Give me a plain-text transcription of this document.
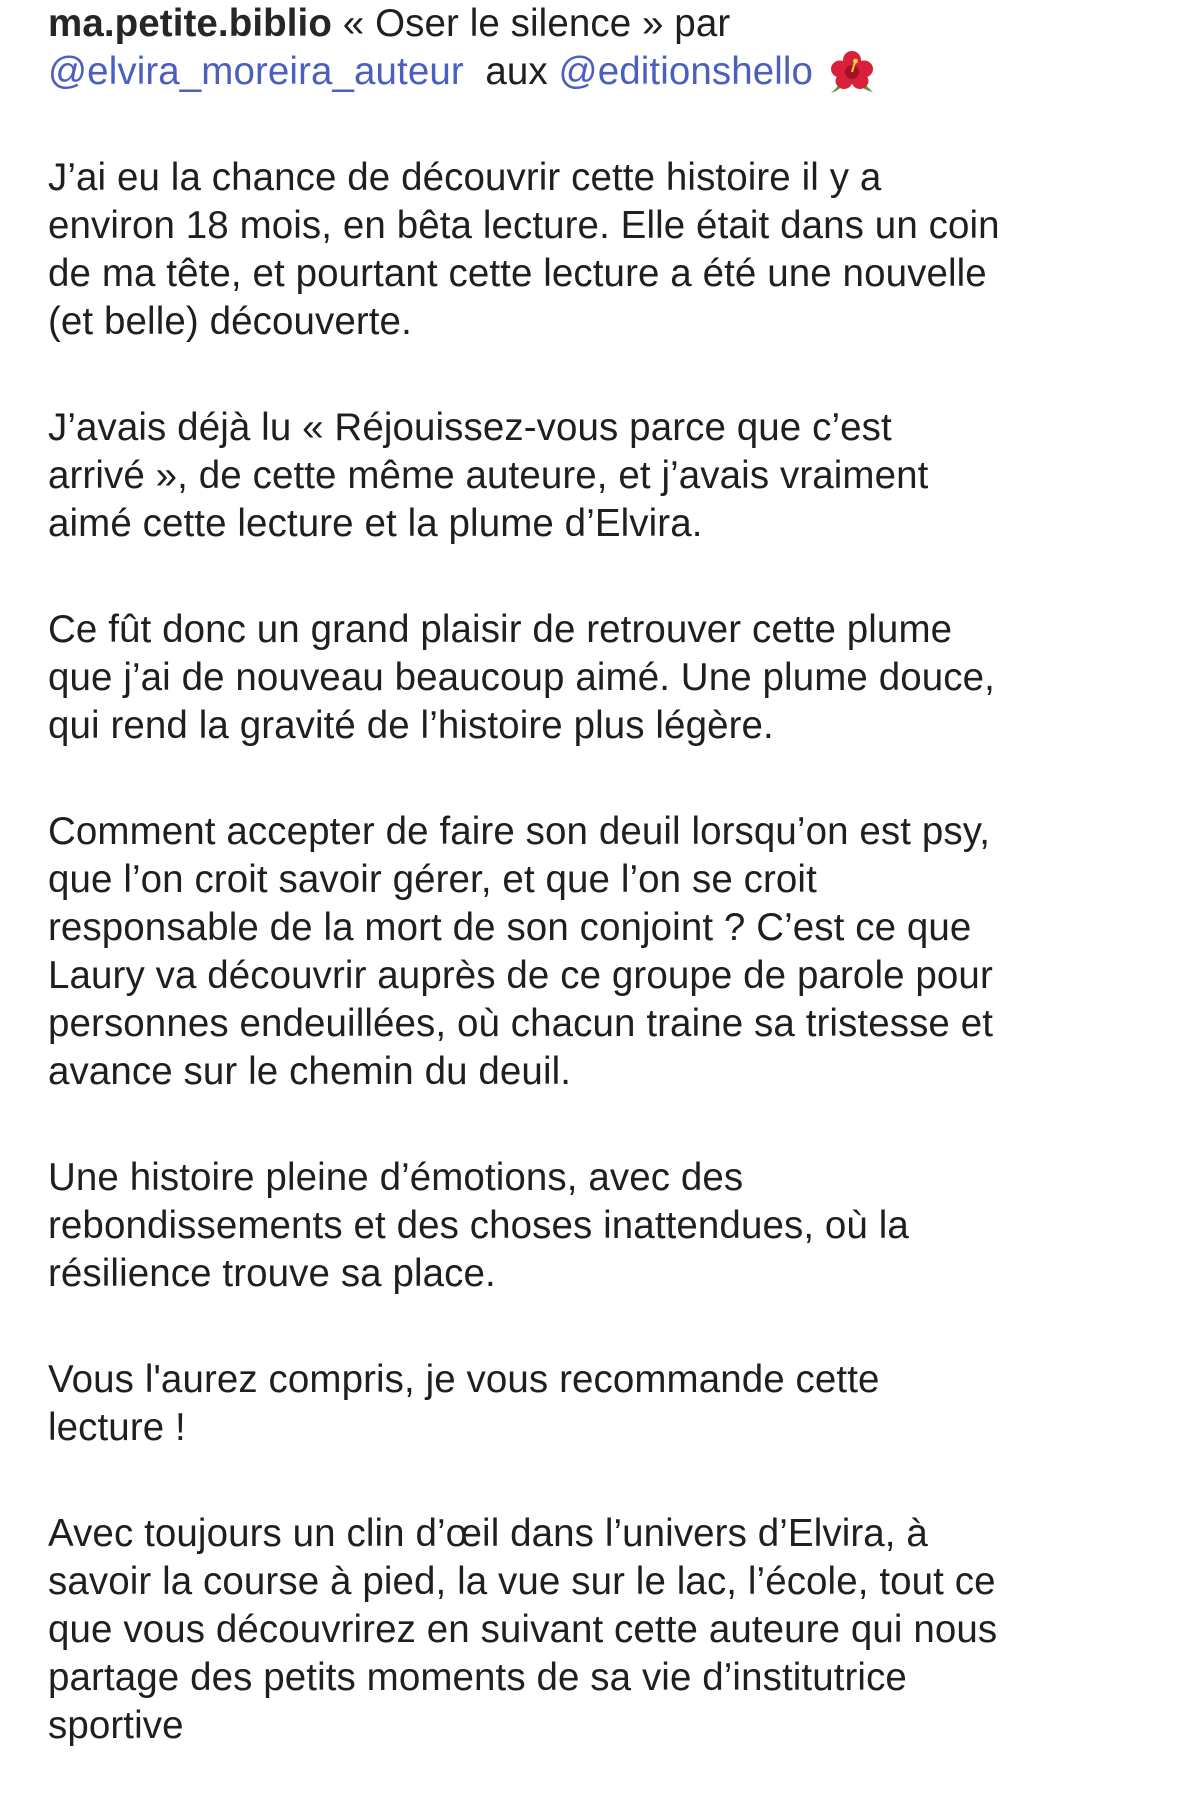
ma.petite.biblio « Oser le silence » par

@elvira_moreira_auteur aux @editionshello

J’ai eu la chance de découvrir cette histoire il y a
environ 18 mois, en bêta lecture. Elle était dans un coin
de ma tête, et pourtant cette lecture a été une nouvelle
(et belle) découverte.

J’avais déjà lu « Réjouissez-vous parce que c’est
arrivé », de cette même auteure, et j’avais vraiment
aimé cette lecture et la plume d’Elvira.

Ce fût donc un grand plaisir de retrouver cette plume
que j’ai de nouveau beaucoup aimé. Une plume douce,
qui rend la gravité de l’histoire plus légère.

Comment accepter de faire son deuil lorsqu’on est psy,
que l’on croit savoir gérer, et que l’on se croit
responsable de la mort de son conjoint ? C’est ce que
Laury va découvrir auprès de ce groupe de parole pour
personnes endeuillées, où chacun traine sa tristesse et
avance sur le chemin du deuil.

Une histoire pleine d’émotions, avec des
rebondissements et des choses inattendues, où la
résilience trouve sa place.

Vous l'aurez compris, je vous recommande cette
lecture !

Avec toujours un clin d’œil dans l’univers d’Elvira, à
savoir la course à pied, la vue sur le lac, l’école, tout ce
que vous découvrirez en suivant cette auteure qui nous
partage des petits moments de sa vie d’institutrice
sportive
